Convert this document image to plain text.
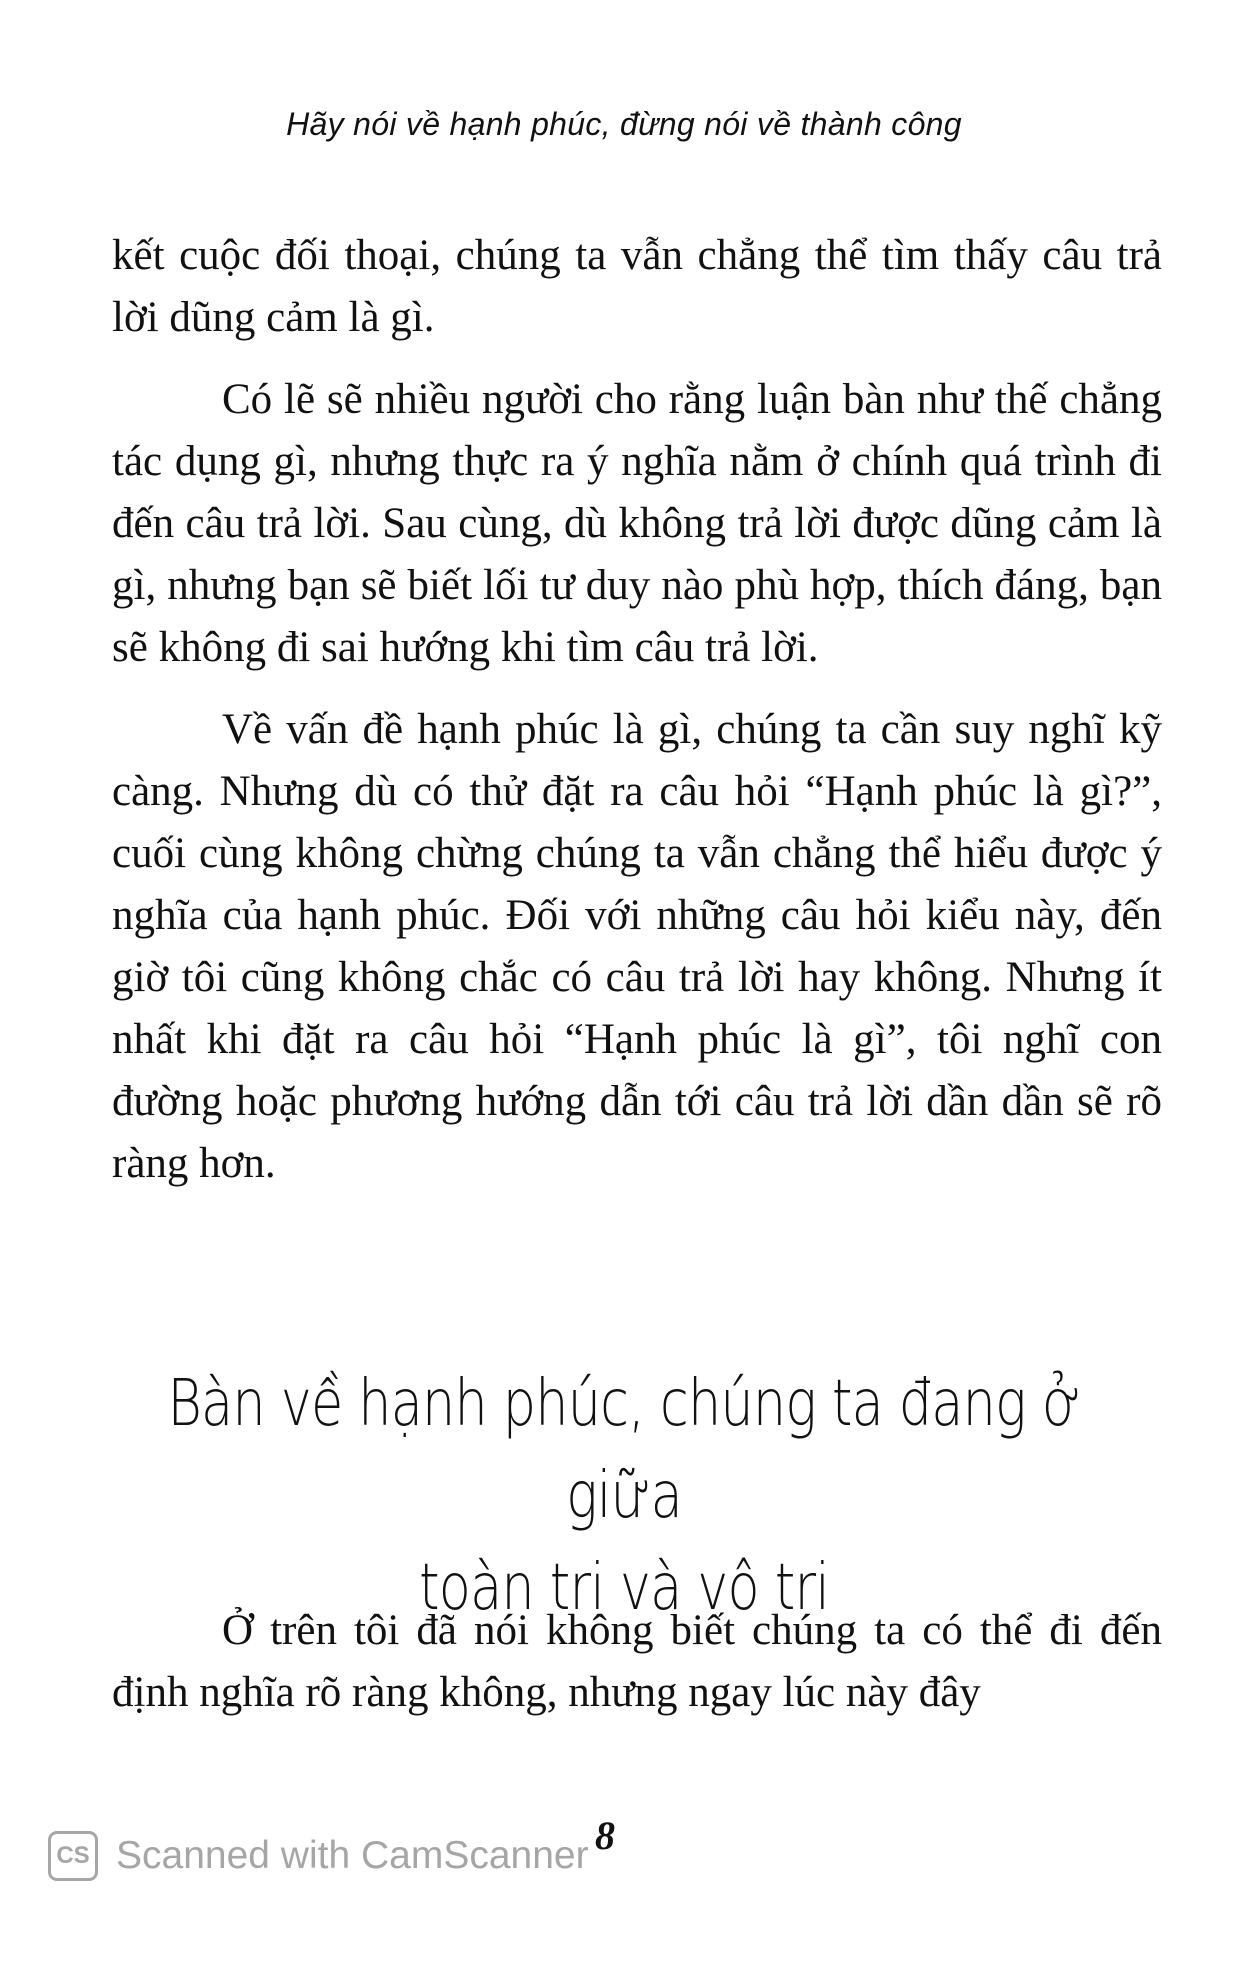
Hãy nói về hạnh phúc, đừng nói về thành công

kết cuộc đối thoại, chúng ta vẫn chẳng thể tìm thấy câu trả lời dũng cảm là gì.

Có lẽ sẽ nhiều người cho rằng luận bàn như thế chẳng tác dụng gì, nhưng thực ra ý nghĩa nằm ở chính quá trình đi đến câu trả lời. Sau cùng, dù không trả lời được dũng cảm là gì, nhưng bạn sẽ biết lối tư duy nào phù hợp, thích đáng, bạn sẽ không đi sai hướng khi tìm câu trả lời.

Về vấn đề hạnh phúc là gì, chúng ta cần suy nghĩ kỹ càng. Nhưng dù có thử đặt ra câu hỏi “Hạnh phúc là gì?”, cuối cùng không chừng chúng ta vẫn chẳng thể hiểu được ý nghĩa của hạnh phúc. Đối với những câu hỏi kiểu này, đến giờ tôi cũng không chắc có câu trả lời hay không. Nhưng ít nhất khi đặt ra câu hỏi “Hạnh phúc là gì”, tôi nghĩ con đường hoặc phương hướng dẫn tới câu trả lời dần dần sẽ rõ ràng hơn.

Bàn về hạnh phúc, chúng ta đang ở giữa
toàn tri và vô tri

Ở trên tôi đã nói không biết chúng ta có thể đi đến định nghĩa rõ ràng không, nhưng ngay lúc này đây

8
CS Scanned with CamScanner
